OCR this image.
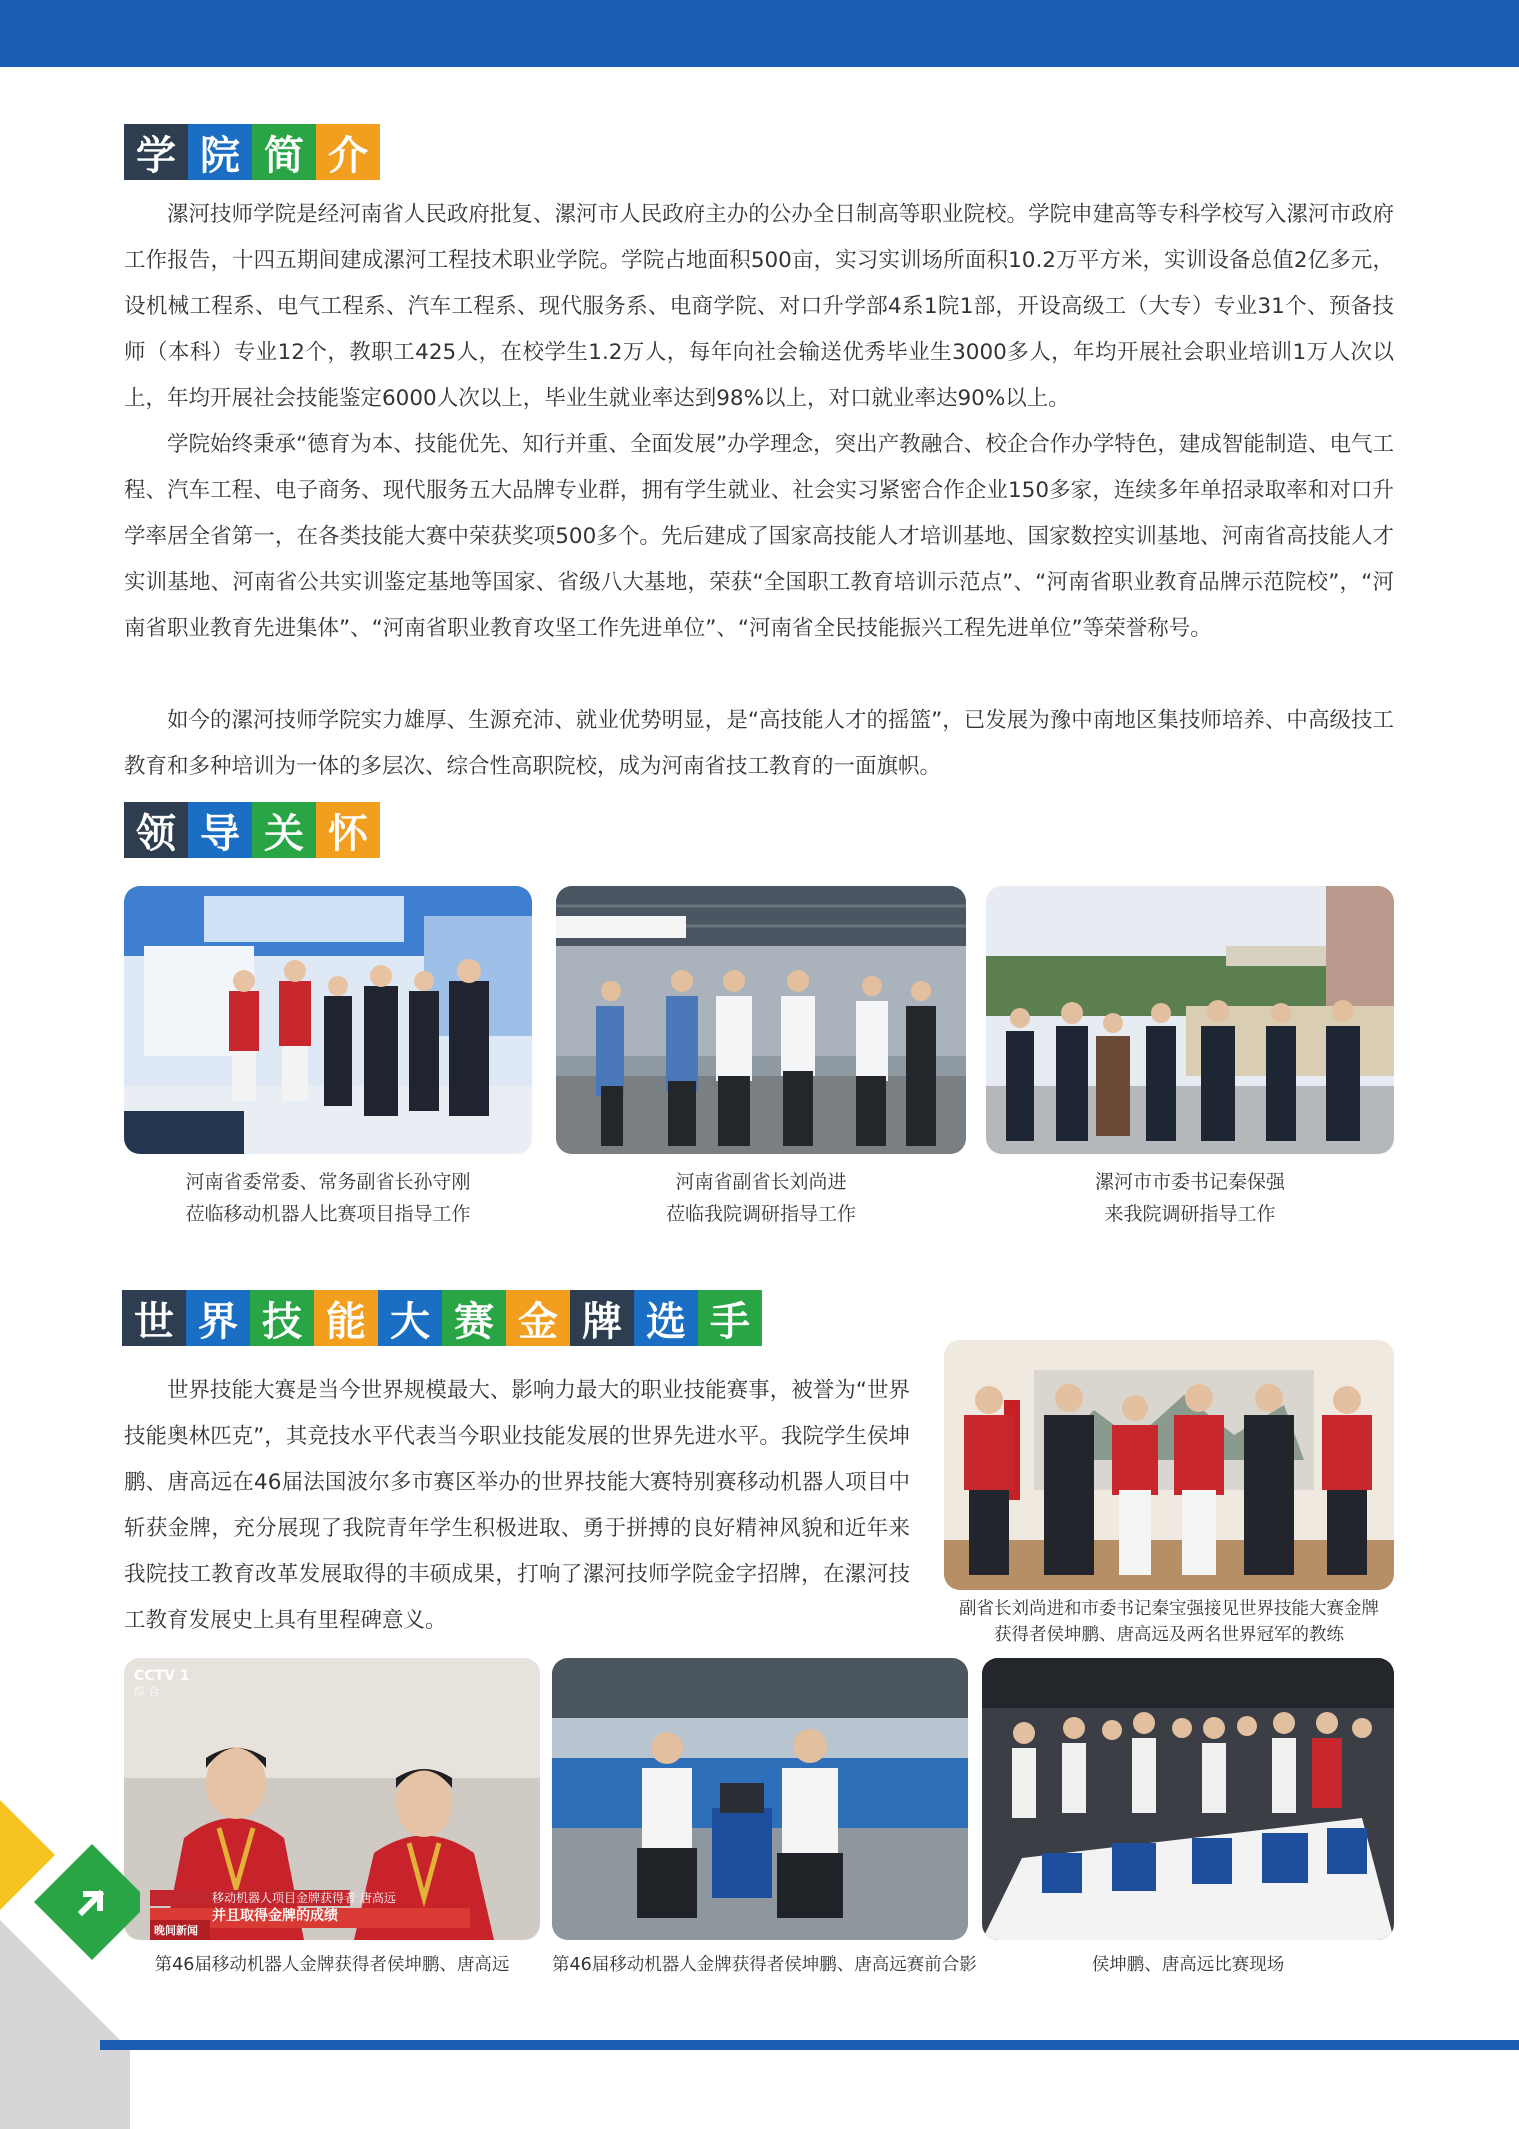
学 院 简 介

漯河技师学院是经河南省人民政府批复、漯河市人民政府主办的公办全日制高等职业院校。学院申建高等专科学校写入漯河市政府工作报告，十四五期间建成漯河工程技术职业学院。学院占地面积500亩，实习实训场所面积10.2万平方米，实训设备总值2亿多元，设机械工程系、电气工程系、汽车工程系、现代服务系、电商学院、对口升学部4系1院1部，开设高级工（大专）专业31个、预备技师（本科）专业12个，教职工425人，在校学生1.2万人，每年向社会输送优秀毕业生3000多人，年均开展社会职业培训1万人次以上，年均开展社会技能鉴定6000人次以上，毕业生就业率达到98%以上，对口就业率达90%以上。

学院始终秉承“德育为本、技能优先、知行并重、全面发展”办学理念，突出产教融合、校企合作办学特色，建成智能制造、电气工程、汽车工程、电子商务、现代服务五大品牌专业群，拥有学生就业、社会实习紧密合作企业150多家，连续多年单招录取率和对口升学率居全省第一，在各类技能大赛中荣获奖项500多个。先后建成了国家高技能人才培训基地、国家数控实训基地、河南省高技能人才实训基地、河南省公共实训鉴定基地等国家、省级八大基地，荣获“全国职工教育培训示范点”、“河南省职业教育品牌示范院校”，“河南省职业教育先进集体”、“河南省职业教育攻坚工作先进单位”、“河南省全民技能振兴工程先进单位”等荣誉称号。

如今的漯河技师学院实力雄厚、生源充沛、就业优势明显，是“高技能人才的摇篮”，已发展为豫中南地区集技师培养、中高级技工教育和多种培训为一体的多层次、综合性高职院校，成为河南省技工教育的一面旗帜。

领 导 关 怀
河南省委常委、常务副省长孙守刚
莅临移动机器人比赛项目指导工作
河南省副省长刘尚进
莅临我院调研指导工作
漯河市市委书记秦保强
来我院调研指导工作
世 界 技 能 大 赛 金 牌 选 手

世界技能大赛是当今世界规模最大、影响力最大的职业技能赛事，被誉为“世界技能奥林匹克”，其竞技水平代表当今职业技能发展的世界先进水平。我院学生侯坤鹏、唐高远在46届法国波尔多市赛区举办的世界技能大赛特别赛移动机器人项目中斩获金牌，充分展现了我院青年学生积极进取、勇于拼搏的良好精神风貌和近年来我院技工教育改革发展取得的丰硕成果，打响了漯河技师学院金字招牌，在漯河技工教育发展史上具有里程碑意义。	副省长刘尚进和市委书记秦宝强接见世界技能大赛金牌
获得者侯坤鹏、唐高远及两名世界冠军的教练
CCTV 1
综 合
移动机器人项目金牌获得者 唐高远
并且取得金牌的成绩
晚间新闻
第46届移动机器人金牌获得者侯坤鹏、唐高远	第46届移动机器人金牌获得者侯坤鹏、唐高远赛前合影	侯坤鹏、唐高远比赛现场
